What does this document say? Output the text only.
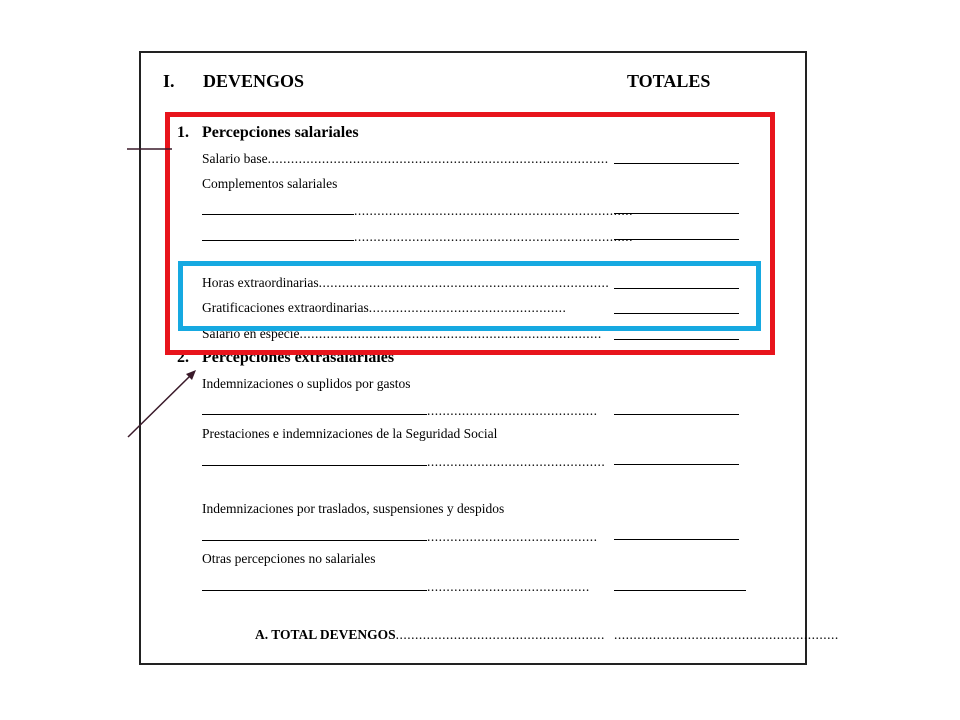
I. DEVENGOS	TOTALES
1. Percepciones salariales
Salario base........................................................................................
Complementos salariales
........................................................................
........................................................................
Horas extraordinarias...........................................................................
Gratificaciones extraordinarias...................................................
Salario en especie..............................................................................
2. Percepciones extrasalariales
Indemnizaciones o suplidos por gastos
............................................
Prestaciones e indemnizaciones de la Seguridad Social
..............................................
Indemnizaciones por traslados, suspensiones y despidos
............................................
Otras percepciones no salariales
..........................................
A. TOTAL DEVENGOS...................................................... ..........................................................
